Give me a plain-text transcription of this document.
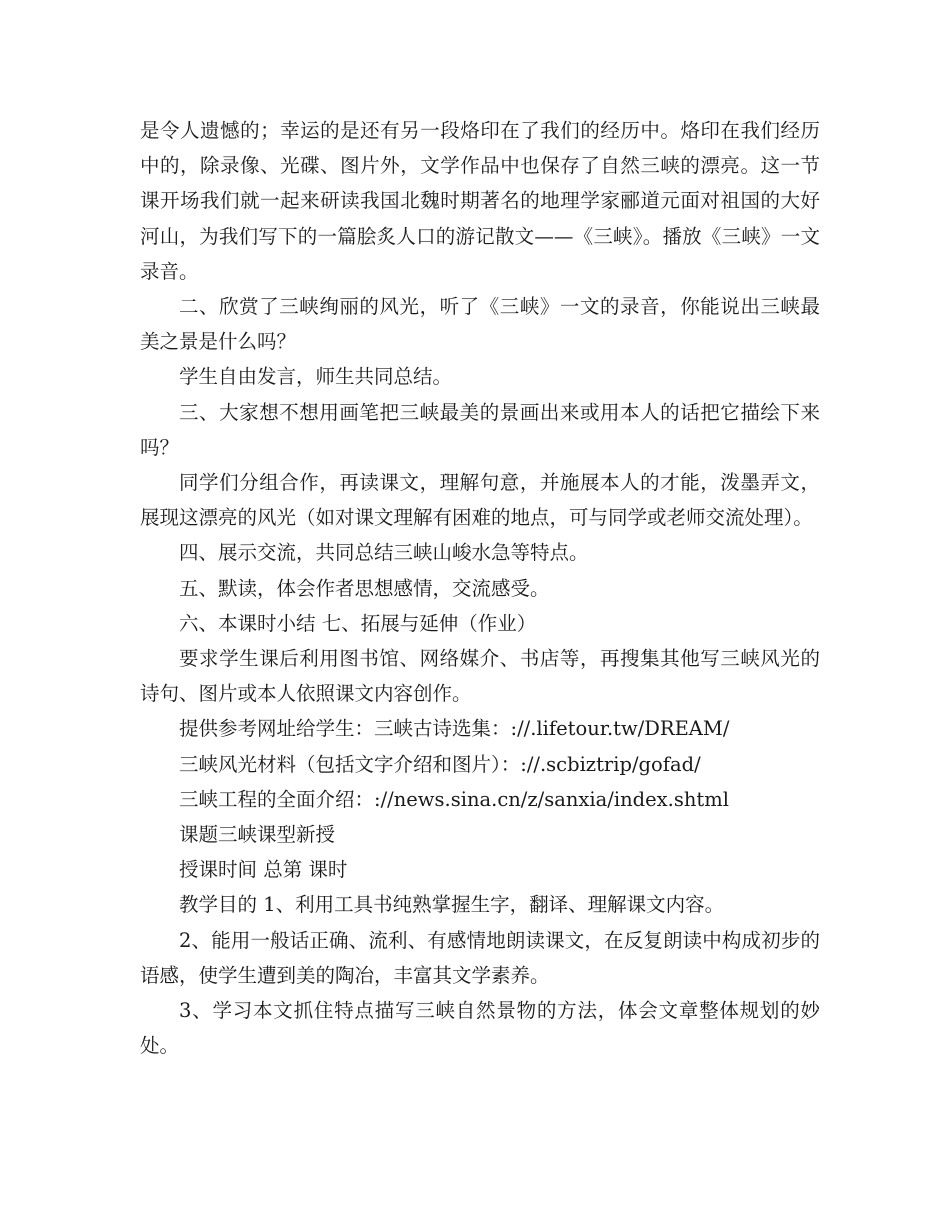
是令人遗憾的；幸运的是还有另一段烙印在了我们的经历中。烙印在我们经历中的，除录像、光碟、图片外，文学作品中也保存了自然三峡的漂亮。这一节课开场我们就一起来研读我国北魏时期著名的地理学家郦道元面对祖国的大好河山，为我们写下的一篇脍炙人口的游记散文——《三峡》。播放《三峡》一文录音。

二、欣赏了三峡绚丽的风光，听了《三峡》一文的录音，你能说出三峡最美之景是什么吗？

学生自由发言，师生共同总结。

三、大家想不想用画笔把三峡最美的景画出来或用本人的话把它描绘下来吗？

同学们分组合作，再读课文，理解句意，并施展本人的才能，泼墨弄文，展现这漂亮的风光（如对课文理解有困难的地点，可与同学或老师交流处理）。

四、展示交流，共同总结三峡山峻水急等特点。

五、默读，体会作者思想感情，交流感受。

六、本课时小结 七、拓展与延伸（作业）

要求学生课后利用图书馆、网络媒介、书店等，再搜集其他写三峡风光的诗句、图片或本人依照课文内容创作。

提供参考网址给学生：三峡古诗选集：://.lifetour.tw/DREAM/

三峡风光材料（包括文字介绍和图片）：://.scbiztrip/gofad/

三峡工程的全面介绍：://news.sina.cn/z/sanxia/index.shtml

课题三峡课型新授

授课时间 总第 课时

教学目的 1、利用工具书纯熟掌握生字，翻译、理解课文内容。

2、能用一般话正确、流利、有感情地朗读课文，在反复朗读中构成初步的语感，使学生遭到美的陶冶，丰富其文学素养。

3、学习本文抓住特点描写三峡自然景物的方法，体会文章整体规划的妙处。
